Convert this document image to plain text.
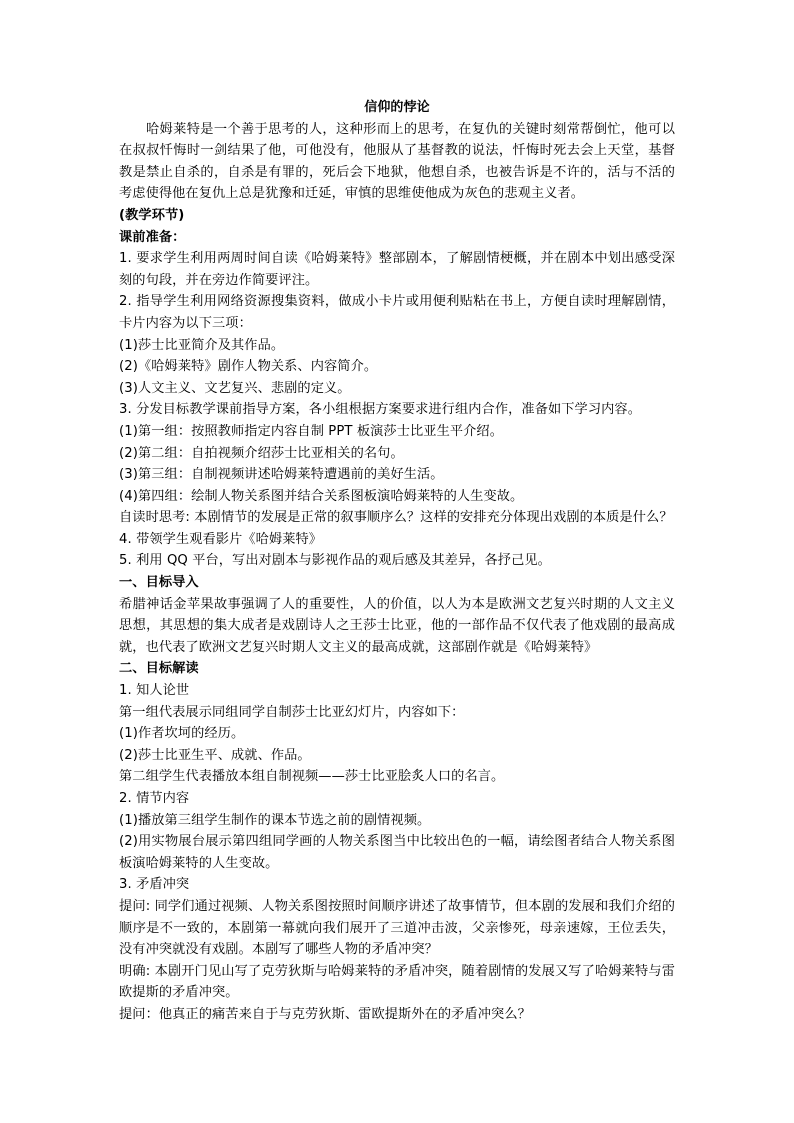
信仰的悖论

哈姆莱特是一个善于思考的人，这种形而上的思考，在复仇的关键时刻常帮倒忙，他可以在叔叔忏悔时一剑结果了他，可他没有，他服从了基督教的说法，忏悔时死去会上天堂，基督教是禁止自杀的，自杀是有罪的，死后会下地狱，他想自杀，也被告诉是不许的，活与不活的考虑使得他在复仇上总是犹豫和迁延，审慎的思维使他成为灰色的悲观主义者。

(教学环节)

课前准备：

1. 要求学生利用两周时间自读《哈姆莱特》整部剧本，了解剧情梗概，并在剧本中划出感受深刻的句段，并在旁边作简要评注。

2. 指导学生利用网络资源搜集资料，做成小卡片或用便利贴粘在书上，方便自读时理解剧情，卡片内容为以下三项：

(1)莎士比亚简介及其作品。

(2)《哈姆莱特》剧作人物关系、内容简介。

(3)人文主义、文艺复兴、悲剧的定义。

3. 分发目标教学课前指导方案，各小组根据方案要求进行组内合作，准备如下学习内容。

(1)第一组：按照教师指定内容自制 PPT 板演莎士比亚生平介绍。

(2)第二组：自拍视频介绍莎士比亚相关的名句。

(3)第三组：自制视频讲述哈姆莱特遭遇前的美好生活。

(4)第四组：绘制人物关系图并结合关系图板演哈姆莱特的人生变故。

自读时思考: 本剧情节的发展是正常的叙事顺序么？这样的安排充分体现出戏剧的本质是什么？

4. 带领学生观看影片《哈姆莱特》

5. 利用 QQ 平台，写出对剧本与影视作品的观后感及其差异，各抒己见。

一、目标导入

希腊神话金苹果故事强调了人的重要性，人的价值，以人为本是欧洲文艺复兴时期的人文主义思想，其思想的集大成者是戏剧诗人之王莎士比亚，他的一部作品不仅代表了他戏剧的最高成就，也代表了欧洲文艺复兴时期人文主义的最高成就，这部剧作就是《哈姆莱特》

二、目标解读

1. 知人论世

第一组代表展示同组同学自制莎士比亚幻灯片，内容如下：

(1)作者坎坷的经历。

(2)莎士比亚生平、成就、作品。

第二组学生代表播放本组自制视频——莎士比亚脍炙人口的名言。

2. 情节内容

(1)播放第三组学生制作的课本节选之前的剧情视频。

(2)用实物展台展示第四组同学画的人物关系图当中比较出色的一幅，请绘图者结合人物关系图板演哈姆莱特的人生变故。

3. 矛盾冲突

提问: 同学们通过视频、人物关系图按照时间顺序讲述了故事情节，但本剧的发展和我们介绍的顺序是不一致的，本剧第一幕就向我们展开了三道冲击波，父亲惨死，母亲速嫁，王位丢失，没有冲突就没有戏剧。本剧写了哪些人物的矛盾冲突？

明确: 本剧开门见山写了克劳狄斯与哈姆莱特的矛盾冲突，随着剧情的发展又写了哈姆莱特与雷欧提斯的矛盾冲突。

提问：他真正的痛苦来自于与克劳狄斯、雷欧提斯外在的矛盾冲突么？
